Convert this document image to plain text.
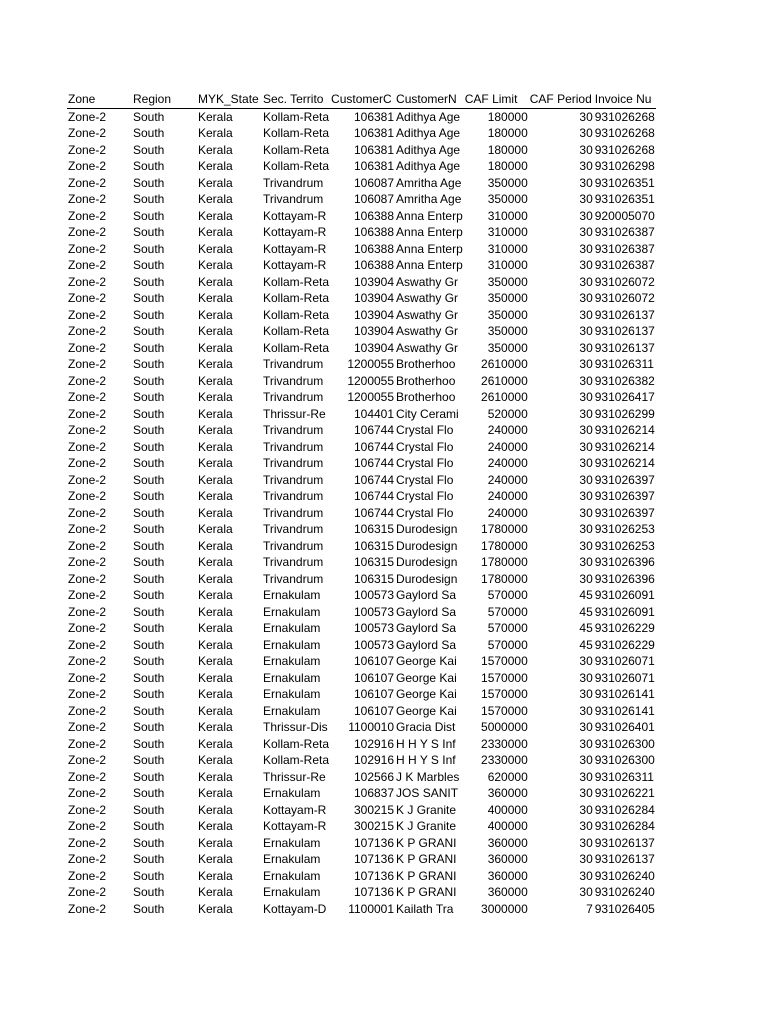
Zone	Region	MYK_State	Sec. Territo	CustomerC	CustomerN	CAF Limit	CAF Period	Invoice Nu
Zone-2	South	Kerala	Kollam-Reta	106381	Adithya Age	180000	30	931026268
Zone-2	South	Kerala	Kollam-Reta	106381	Adithya Age	180000	30	931026268
Zone-2	South	Kerala	Kollam-Reta	106381	Adithya Age	180000	30	931026268
Zone-2	South	Kerala	Kollam-Reta	106381	Adithya Age	180000	30	931026298
Zone-2	South	Kerala	Trivandrum	106087	Amritha Age	350000	30	931026351
Zone-2	South	Kerala	Trivandrum	106087	Amritha Age	350000	30	931026351
Zone-2	South	Kerala	Kottayam-R	106388	Anna Enterp	310000	30	920005070
Zone-2	South	Kerala	Kottayam-R	106388	Anna Enterp	310000	30	931026387
Zone-2	South	Kerala	Kottayam-R	106388	Anna Enterp	310000	30	931026387
Zone-2	South	Kerala	Kottayam-R	106388	Anna Enterp	310000	30	931026387
Zone-2	South	Kerala	Kollam-Reta	103904	Aswathy Gr	350000	30	931026072
Zone-2	South	Kerala	Kollam-Reta	103904	Aswathy Gr	350000	30	931026072
Zone-2	South	Kerala	Kollam-Reta	103904	Aswathy Gr	350000	30	931026137
Zone-2	South	Kerala	Kollam-Reta	103904	Aswathy Gr	350000	30	931026137
Zone-2	South	Kerala	Kollam-Reta	103904	Aswathy Gr	350000	30	931026137
Zone-2	South	Kerala	Trivandrum	1200055	Brotherhoo	2610000	30	931026311
Zone-2	South	Kerala	Trivandrum	1200055	Brotherhoo	2610000	30	931026382
Zone-2	South	Kerala	Trivandrum	1200055	Brotherhoo	2610000	30	931026417
Zone-2	South	Kerala	Thrissur-Re	104401	City Cerami	520000	30	931026299
Zone-2	South	Kerala	Trivandrum	106744	Crystal Flo	240000	30	931026214
Zone-2	South	Kerala	Trivandrum	106744	Crystal Flo	240000	30	931026214
Zone-2	South	Kerala	Trivandrum	106744	Crystal Flo	240000	30	931026214
Zone-2	South	Kerala	Trivandrum	106744	Crystal Flo	240000	30	931026397
Zone-2	South	Kerala	Trivandrum	106744	Crystal Flo	240000	30	931026397
Zone-2	South	Kerala	Trivandrum	106744	Crystal Flo	240000	30	931026397
Zone-2	South	Kerala	Trivandrum	106315	Durodesign	1780000	30	931026253
Zone-2	South	Kerala	Trivandrum	106315	Durodesign	1780000	30	931026253
Zone-2	South	Kerala	Trivandrum	106315	Durodesign	1780000	30	931026396
Zone-2	South	Kerala	Trivandrum	106315	Durodesign	1780000	30	931026396
Zone-2	South	Kerala	Ernakulam	100573	Gaylord Sa	570000	45	931026091
Zone-2	South	Kerala	Ernakulam	100573	Gaylord Sa	570000	45	931026091
Zone-2	South	Kerala	Ernakulam	100573	Gaylord Sa	570000	45	931026229
Zone-2	South	Kerala	Ernakulam	100573	Gaylord Sa	570000	45	931026229
Zone-2	South	Kerala	Ernakulam	106107	George Kai	1570000	30	931026071
Zone-2	South	Kerala	Ernakulam	106107	George Kai	1570000	30	931026071
Zone-2	South	Kerala	Ernakulam	106107	George Kai	1570000	30	931026141
Zone-2	South	Kerala	Ernakulam	106107	George Kai	1570000	30	931026141
Zone-2	South	Kerala	Thrissur-Dis	1100010	Gracia Dist	5000000	30	931026401
Zone-2	South	Kerala	Kollam-Reta	102916	H H Y S Inf	2330000	30	931026300
Zone-2	South	Kerala	Kollam-Reta	102916	H H Y S Inf	2330000	30	931026300
Zone-2	South	Kerala	Thrissur-Re	102566	J K Marbles	620000	30	931026311
Zone-2	South	Kerala	Ernakulam	106837	JOS SANIT	360000	30	931026221
Zone-2	South	Kerala	Kottayam-R	300215	K J Granite	400000	30	931026284
Zone-2	South	Kerala	Kottayam-R	300215	K J Granite	400000	30	931026284
Zone-2	South	Kerala	Ernakulam	107136	K P GRANI	360000	30	931026137
Zone-2	South	Kerala	Ernakulam	107136	K P GRANI	360000	30	931026137
Zone-2	South	Kerala	Ernakulam	107136	K P GRANI	360000	30	931026240
Zone-2	South	Kerala	Ernakulam	107136	K P GRANI	360000	30	931026240
Zone-2	South	Kerala	Kottayam-D	1100001	Kailath Tra	3000000	7	931026405
